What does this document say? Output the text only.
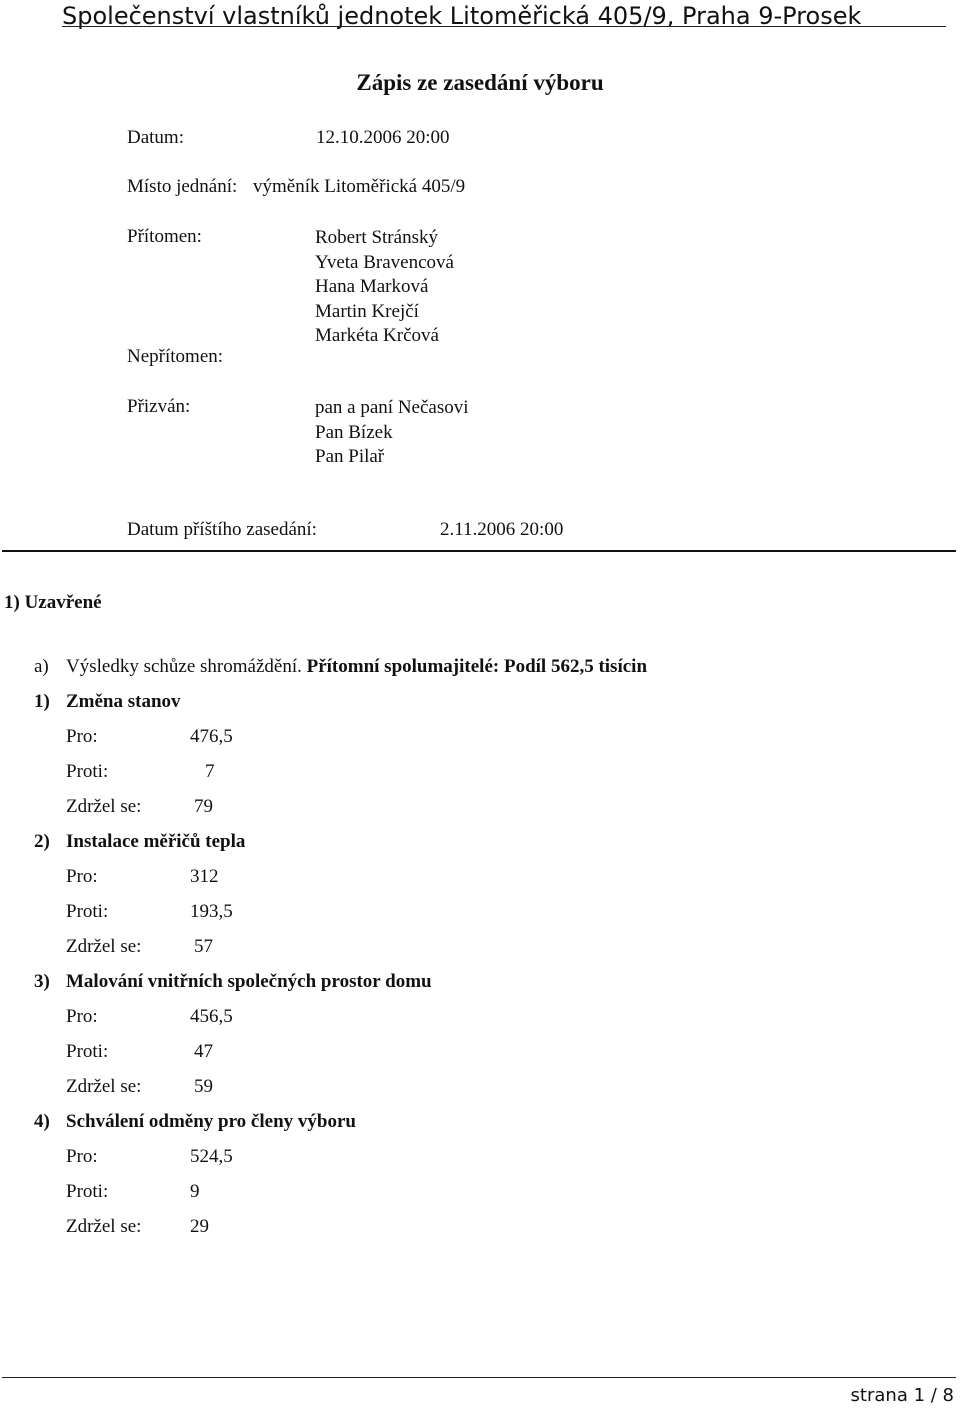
Společenství vlastníků jednotek Litoměřická 405/9, Praha 9-Prosek
Zápis ze zasedání výboru
Datum:	12.10.2006 20:00
Místo jednání: výměník Litoměřická 405/9
Přítomen:	Robert Stránský
Yveta Bravencová
Hana Marková
Martin Krejčí
Markéta Krčová
Nepřítomen:
Přizván:	pan a paní Nečasovi
Pan Bízek
Pan Pilař
Datum příštího zasedání:	2.11.2006 20:00
1) Uzavřené
a) Výsledky schůze shromáždění. Přítomní spolumajitelé: Podíl 562,5 tisícin
1) Změna stanov
Pro:	476,5
Proti:	7
Zdržel se:	79
2) Instalace měřičů tepla
Pro:	312
Proti:	193,5
Zdržel se:	57
3) Malování vnitřních společných prostor domu
Pro:	456,5
Proti:	47
Zdržel se:	59
4) Schválení odměny pro členy výboru
Pro:	524,5
Proti:	9
Zdržel se:	29
strana 1 / 8
